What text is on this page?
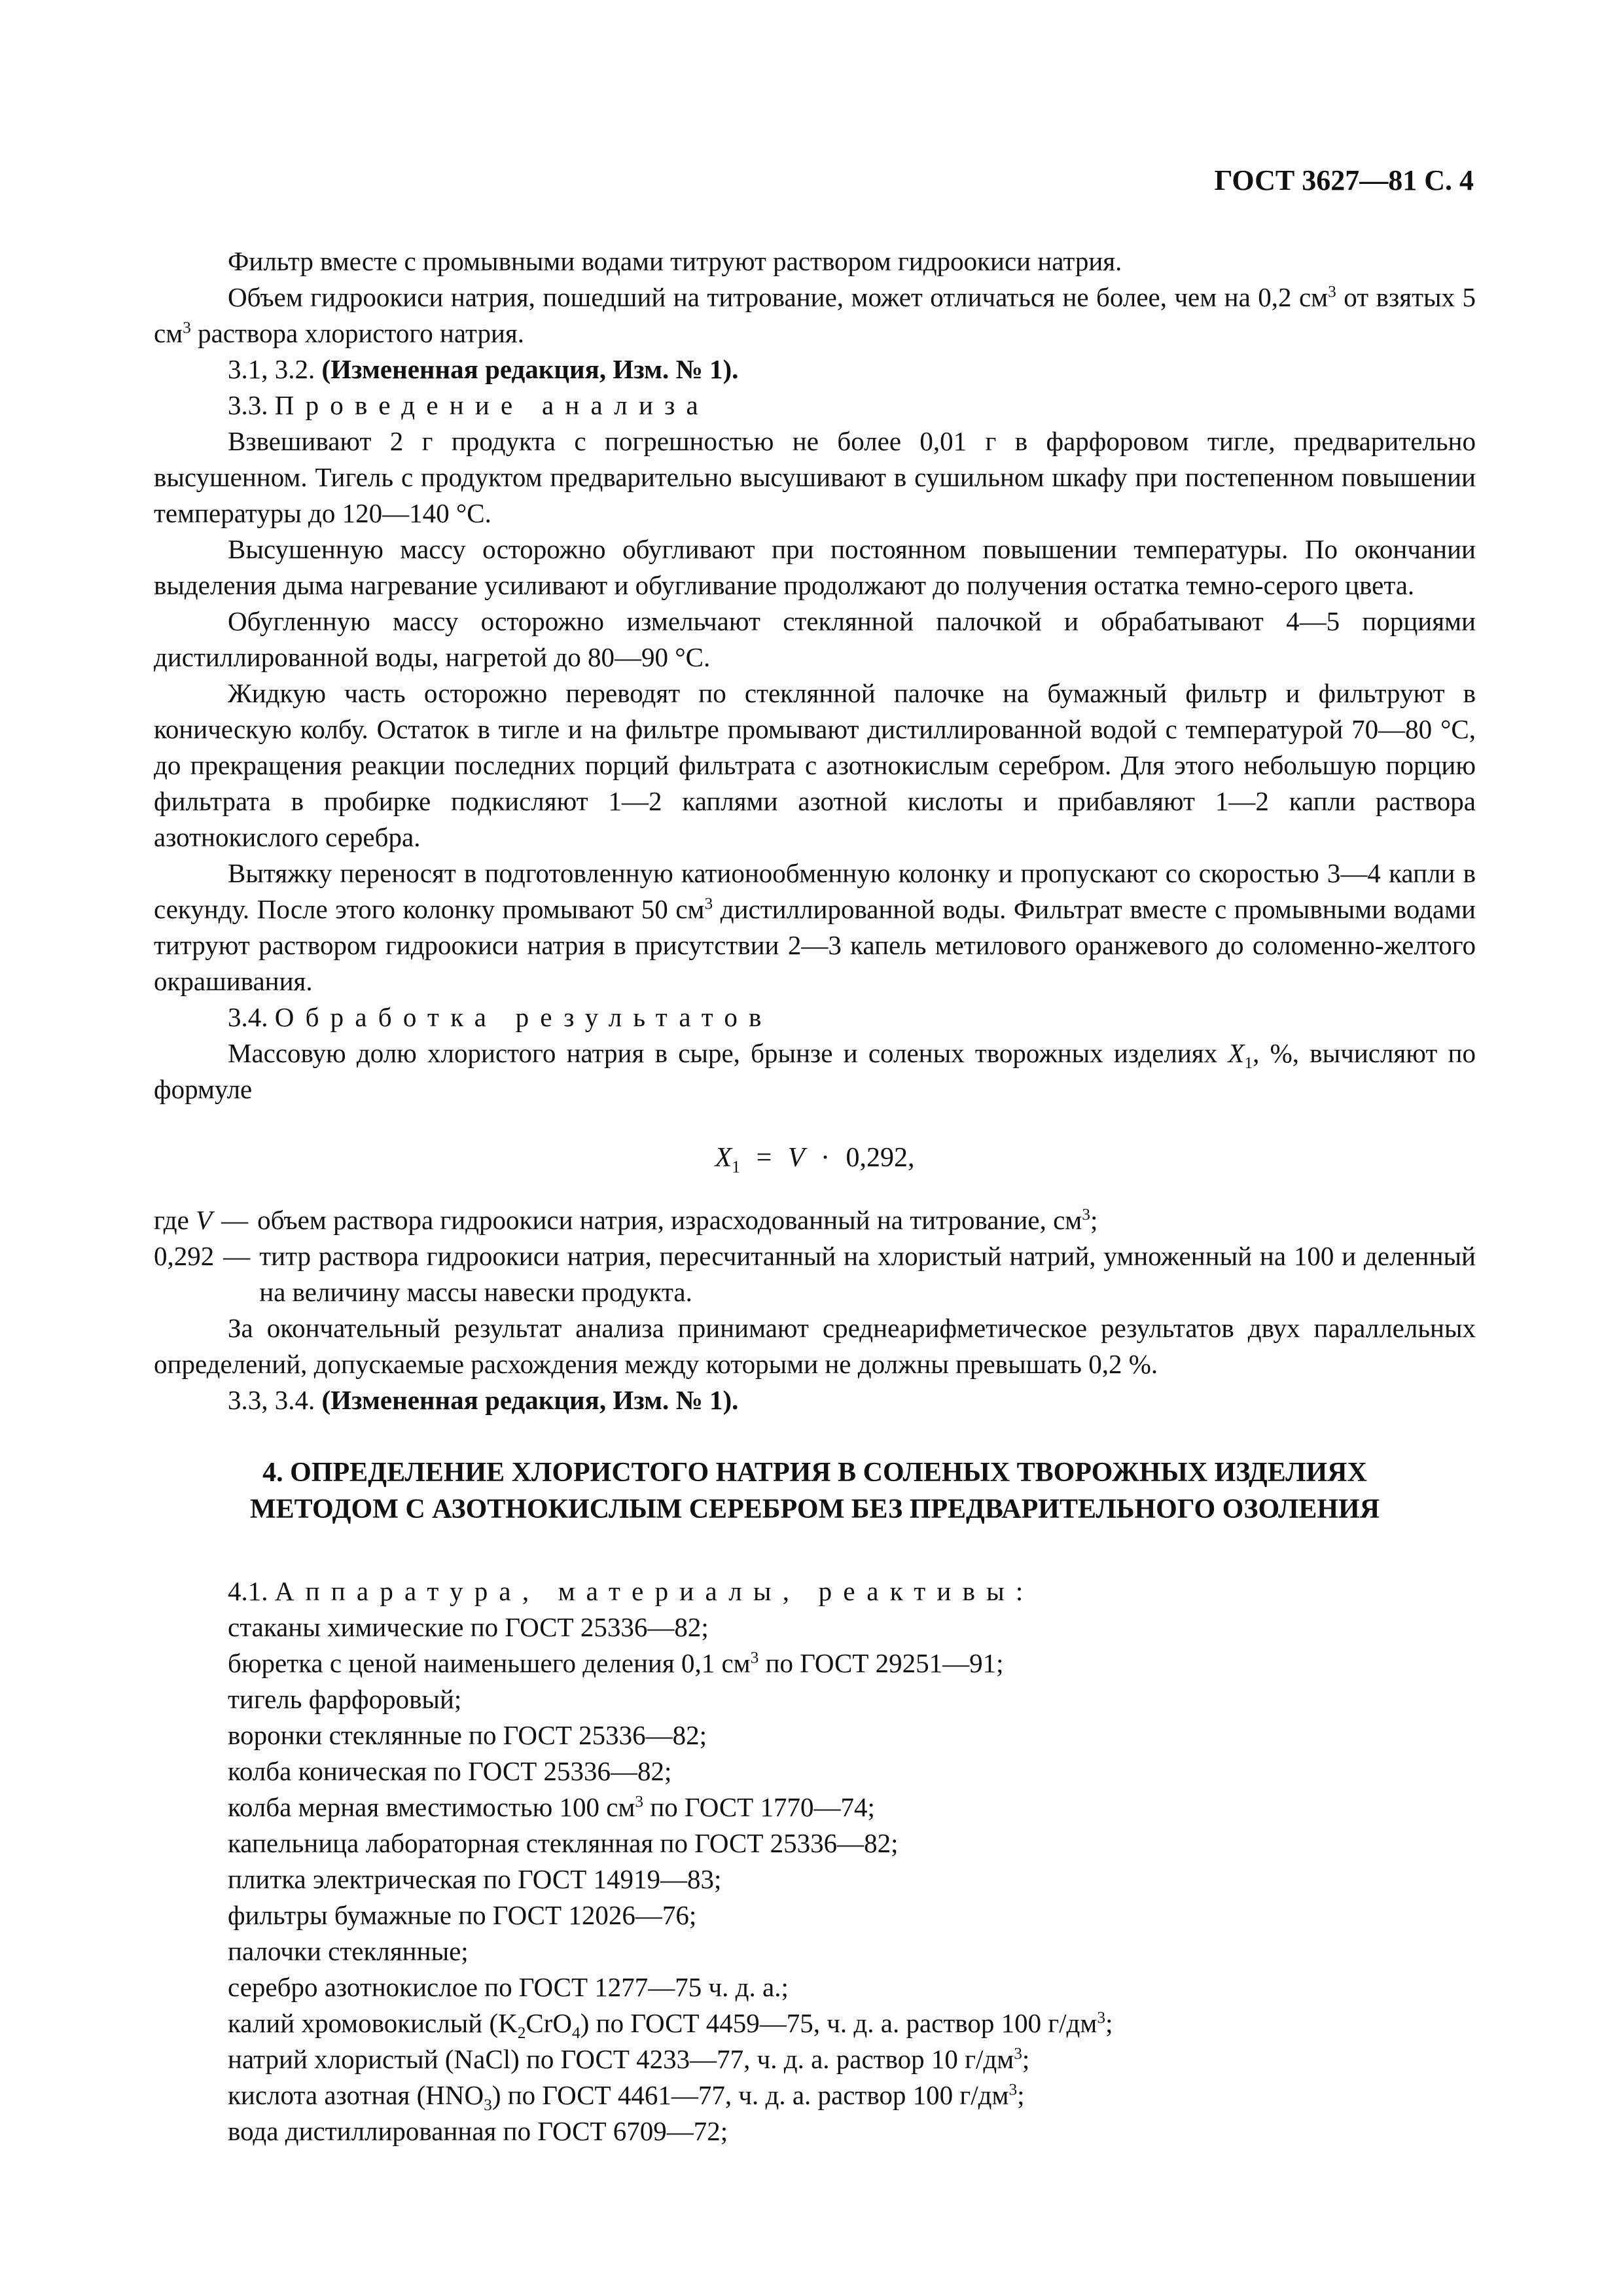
ГОСТ 3627—81 С. 4

Фильтр вместе с промывными водами титруют раствором гидроокиси натрия.

Объем гидроокиси натрия, пошедший на титрование, может отличаться не более, чем на 0,2 $см^3$ от взятых 5 $см^3$ раствора хлористого натрия.

3.1, 3.2. (Измененная редакция, Изм. № 1).

3.3. Проведение анализа

Взвешивают 2 г продукта с погрешностью не более 0,01 г в фарфоровом тигле, предварительно высушенном. Тигель с продуктом предварительно высушивают в сушильном шкафу при постепенном повышении температуры до 120—140 °С.

Высушенную массу осторожно обугливают при постоянном повышении температуры. По окончании выделения дыма нагревание усиливают и обугливание продолжают до получения остатка темно-серого цвета.

Обугленную массу осторожно измельчают стеклянной палочкой и обрабатывают 4—5 порциями дистиллированной воды, нагретой до 80—90 °С.

Жидкую часть осторожно переводят по стеклянной палочке на бумажный фильтр и фильтруют в коническую колбу. Остаток в тигле и на фильтре промывают дистиллированной водой с температурой 70—80 °С, до прекращения реакции последних порций фильтрата с азотнокислым серебром. Для этого небольшую порцию фильтрата в пробирке подкисляют 1—2 каплями азотной кислоты и прибавляют 1—2 капли раствора азотнокислого серебра.

Вытяжку переносят в подготовленную катионообменную колонку и пропускают со скоростью 3—4 капли в секунду. После этого колонку промывают 50 $см^3$ дистиллированной воды. Фильтрат вместе с промывными водами титруют раствором гидроокиси натрия в присутствии 2—3 капель метилового оранжевого до соломенно-желтого окрашивания.

3.4. Обработка результатов

Массовую долю хлористого натрия в сыре, брынзе и соленых творожных изделиях $X_1$, %, вычисляют по формуле

$X_1 = V \cdot 0,292$,

где V — объем раствора гидроокиси натрия, израсходованный на титрование, $см^3$;
0,292 — титр раствора гидроокиси натрия, пересчитанный на хлористый натрий, умноженный на 100 и деленный на величину массы навески продукта.

За окончательный результат анализа принимают среднеарифметическое результатов двух параллельных определений, допускаемые расхождения между которыми не должны превышать 0,2 %.

3.3, 3.4. (Измененная редакция, Изм. № 1).

4. ОПРЕДЕЛЕНИЕ ХЛОРИСТОГО НАТРИЯ В СОЛЕНЫХ ТВОРОЖНЫХ ИЗДЕЛИЯХ
МЕТОДОМ С АЗОТНОКИСЛЫМ СЕРЕБРОМ БЕЗ ПРЕДВАРИТЕЛЬНОГО ОЗОЛЕНИЯ

4.1. Аппаратура, материалы, реактивы:

стаканы химические по ГОСТ 25336—82;

бюретка с ценой наименьшего деления 0,1 $см^3$ по ГОСТ 29251—91;

тигель фарфоровый;

воронки стеклянные по ГОСТ 25336—82;

колба коническая по ГОСТ 25336—82;

колба мерная вместимостью 100 $см^3$ по ГОСТ 1770—74;

капельница лабораторная стеклянная по ГОСТ 25336—82;

плитка электрическая по ГОСТ 14919—83;

фильтры бумажные по ГОСТ 12026—76;

палочки стеклянные;

серебро азотнокислое по ГОСТ 1277—75 ч. д. а.;

калий хромовокислый $(K_2CrO_4)$ по ГОСТ 4459—75, ч. д. а. раствор 100 $г/дм^3$;

натрий хлористый (NaCl) по ГОСТ 4233—77, ч. д. а. раствор 10 $г/дм^3$;

кислота азотная $(HNO_3)$ по ГОСТ 4461—77, ч. д. а. раствор 100 $г/дм^3$;

вода дистиллированная по ГОСТ 6709—72;
